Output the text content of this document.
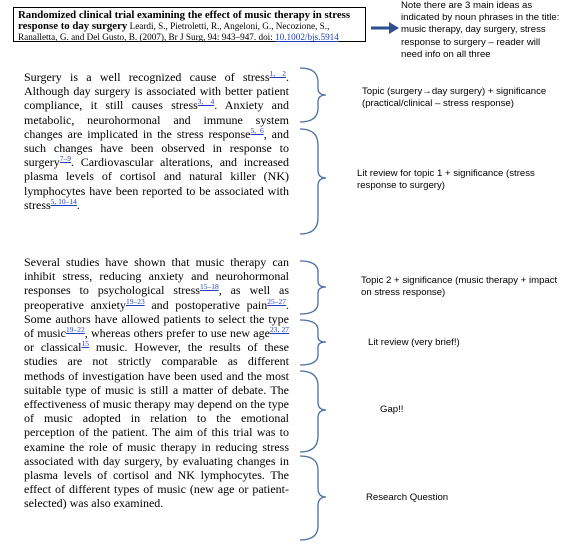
Randomized clinical trial examining the effect of music therapy in stress response to day surgery Leardi, S., Pietroletti, R., Angeloni, G., Necozione, S., Ranalletta, G. and Del Gusto, B. (2007), Br J Surg, 94: 943–947. doi: 10.1002/bjs.5914
Note there are 3 main ideas as indicated by noun phrases in the title: music therapy, day surgery, stress response to surgery – reader will need info on all three
Surgery is a well recognized cause of stress$^{1, 2}$. Although day surgery is associated with better patient compliance, it still causes stress$^{3, 4}$. Anxiety and metabolic, neurohormonal and immune system changes are implicated in the stress response$^{5, 6}$, and such changes have been observed in response to surgery$^{7-9}$. Cardiovascular alterations, and increased plasma levels of cortisol and natural killer (NK) lymphocytes have been reported to be associated with stress$^{5, 10-14}$.
Several studies have shown that music therapy can inhibit stress, reducing anxiety and neurohormonal responses to psychological stress$^{15-18}$, as well as preoperative anxiety$^{19-23}$ and postoperative pain$^{25-27}$. Some authors have allowed patients to select the type of music$^{19-22}$, whereas others prefer to use new age$^{23, 27}$ or classical$^{15}$ music. However, the results of these studies are not strictly comparable as different methods of investigation have been used and the most suitable type of music is still a matter of debate. The effectiveness of music therapy may depend on the type of music adopted in relation to the emotional perception of the patient. The aim of this trial was to examine the role of music therapy in reducing stress associated with day surgery, by evaluating changes in plasma levels of cortisol and NK lymphocytes. The effect of different types of music (new age or patient-selected) was also examined.
Topic (surgery→day surgery) + significance (practical/clinical – stress response)
Lit review for topic 1 + significance (stress response to surgery)
Topic 2 + significance (music therapy + impact on stress response)
Lit review (very brief!)
Gap!!
Research Question
